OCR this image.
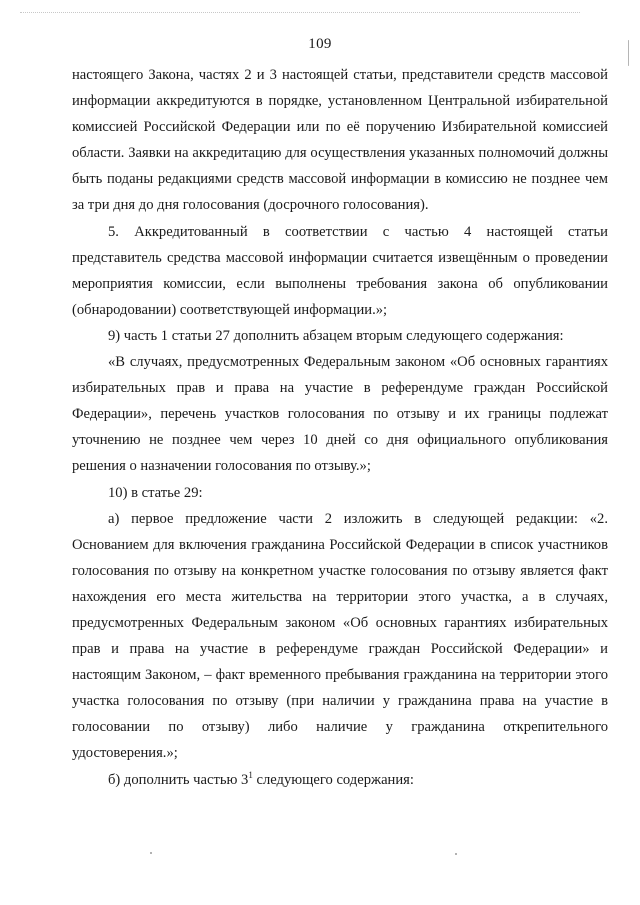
109

настоящего Закона, частях 2 и 3 настоящей статьи, представители средств массовой информации аккредитуются в порядке, установленном Центральной избирательной комиссией Российской Федерации или по её поручению Избирательной комиссией области. Заявки на аккредитацию для осуществления указанных полномочий должны быть поданы редакциями средств массовой информации в комиссию не позднее чем за три дня до дня голосования (досрочного голосования).

5. Аккредитованный в соответствии с частью 4 настоящей статьи представитель средства массовой информации считается извещённым о проведении мероприятия комиссии, если выполнены требования закона об опубликовании (обнародовании) соответствующей информации.»;

9) часть 1 статьи 27 дополнить абзацем вторым следующего содержания:

«В случаях, предусмотренных Федеральным законом «Об основных гарантиях избирательных прав и права на участие в референдуме граждан Российской Федерации», перечень участков голосования по отзыву и их границы подлежат уточнению не позднее чем через 10 дней со дня официального опубликования решения о назначении голосования по отзыву.»;

10) в статье 29:

а) первое предложение части 2 изложить в следующей редакции: «2. Основанием для включения гражданина Российской Федерации в список участников голосования по отзыву на конкретном участке голосования по отзыву является факт нахождения его места жительства на территории этого участка, а в случаях, предусмотренных Федеральным законом «Об основных гарантиях избирательных прав и права на участие в референдуме граждан Российской Федерации» и настоящим Законом, – факт временного пребывания гражданина на территории этого участка голосования по отзыву (при наличии у гражданина права на участие в голосовании по отзыву) либо наличие у гражданина открепительного удостоверения.»;

б) дополнить частью $3^1$ следующего содержания:
